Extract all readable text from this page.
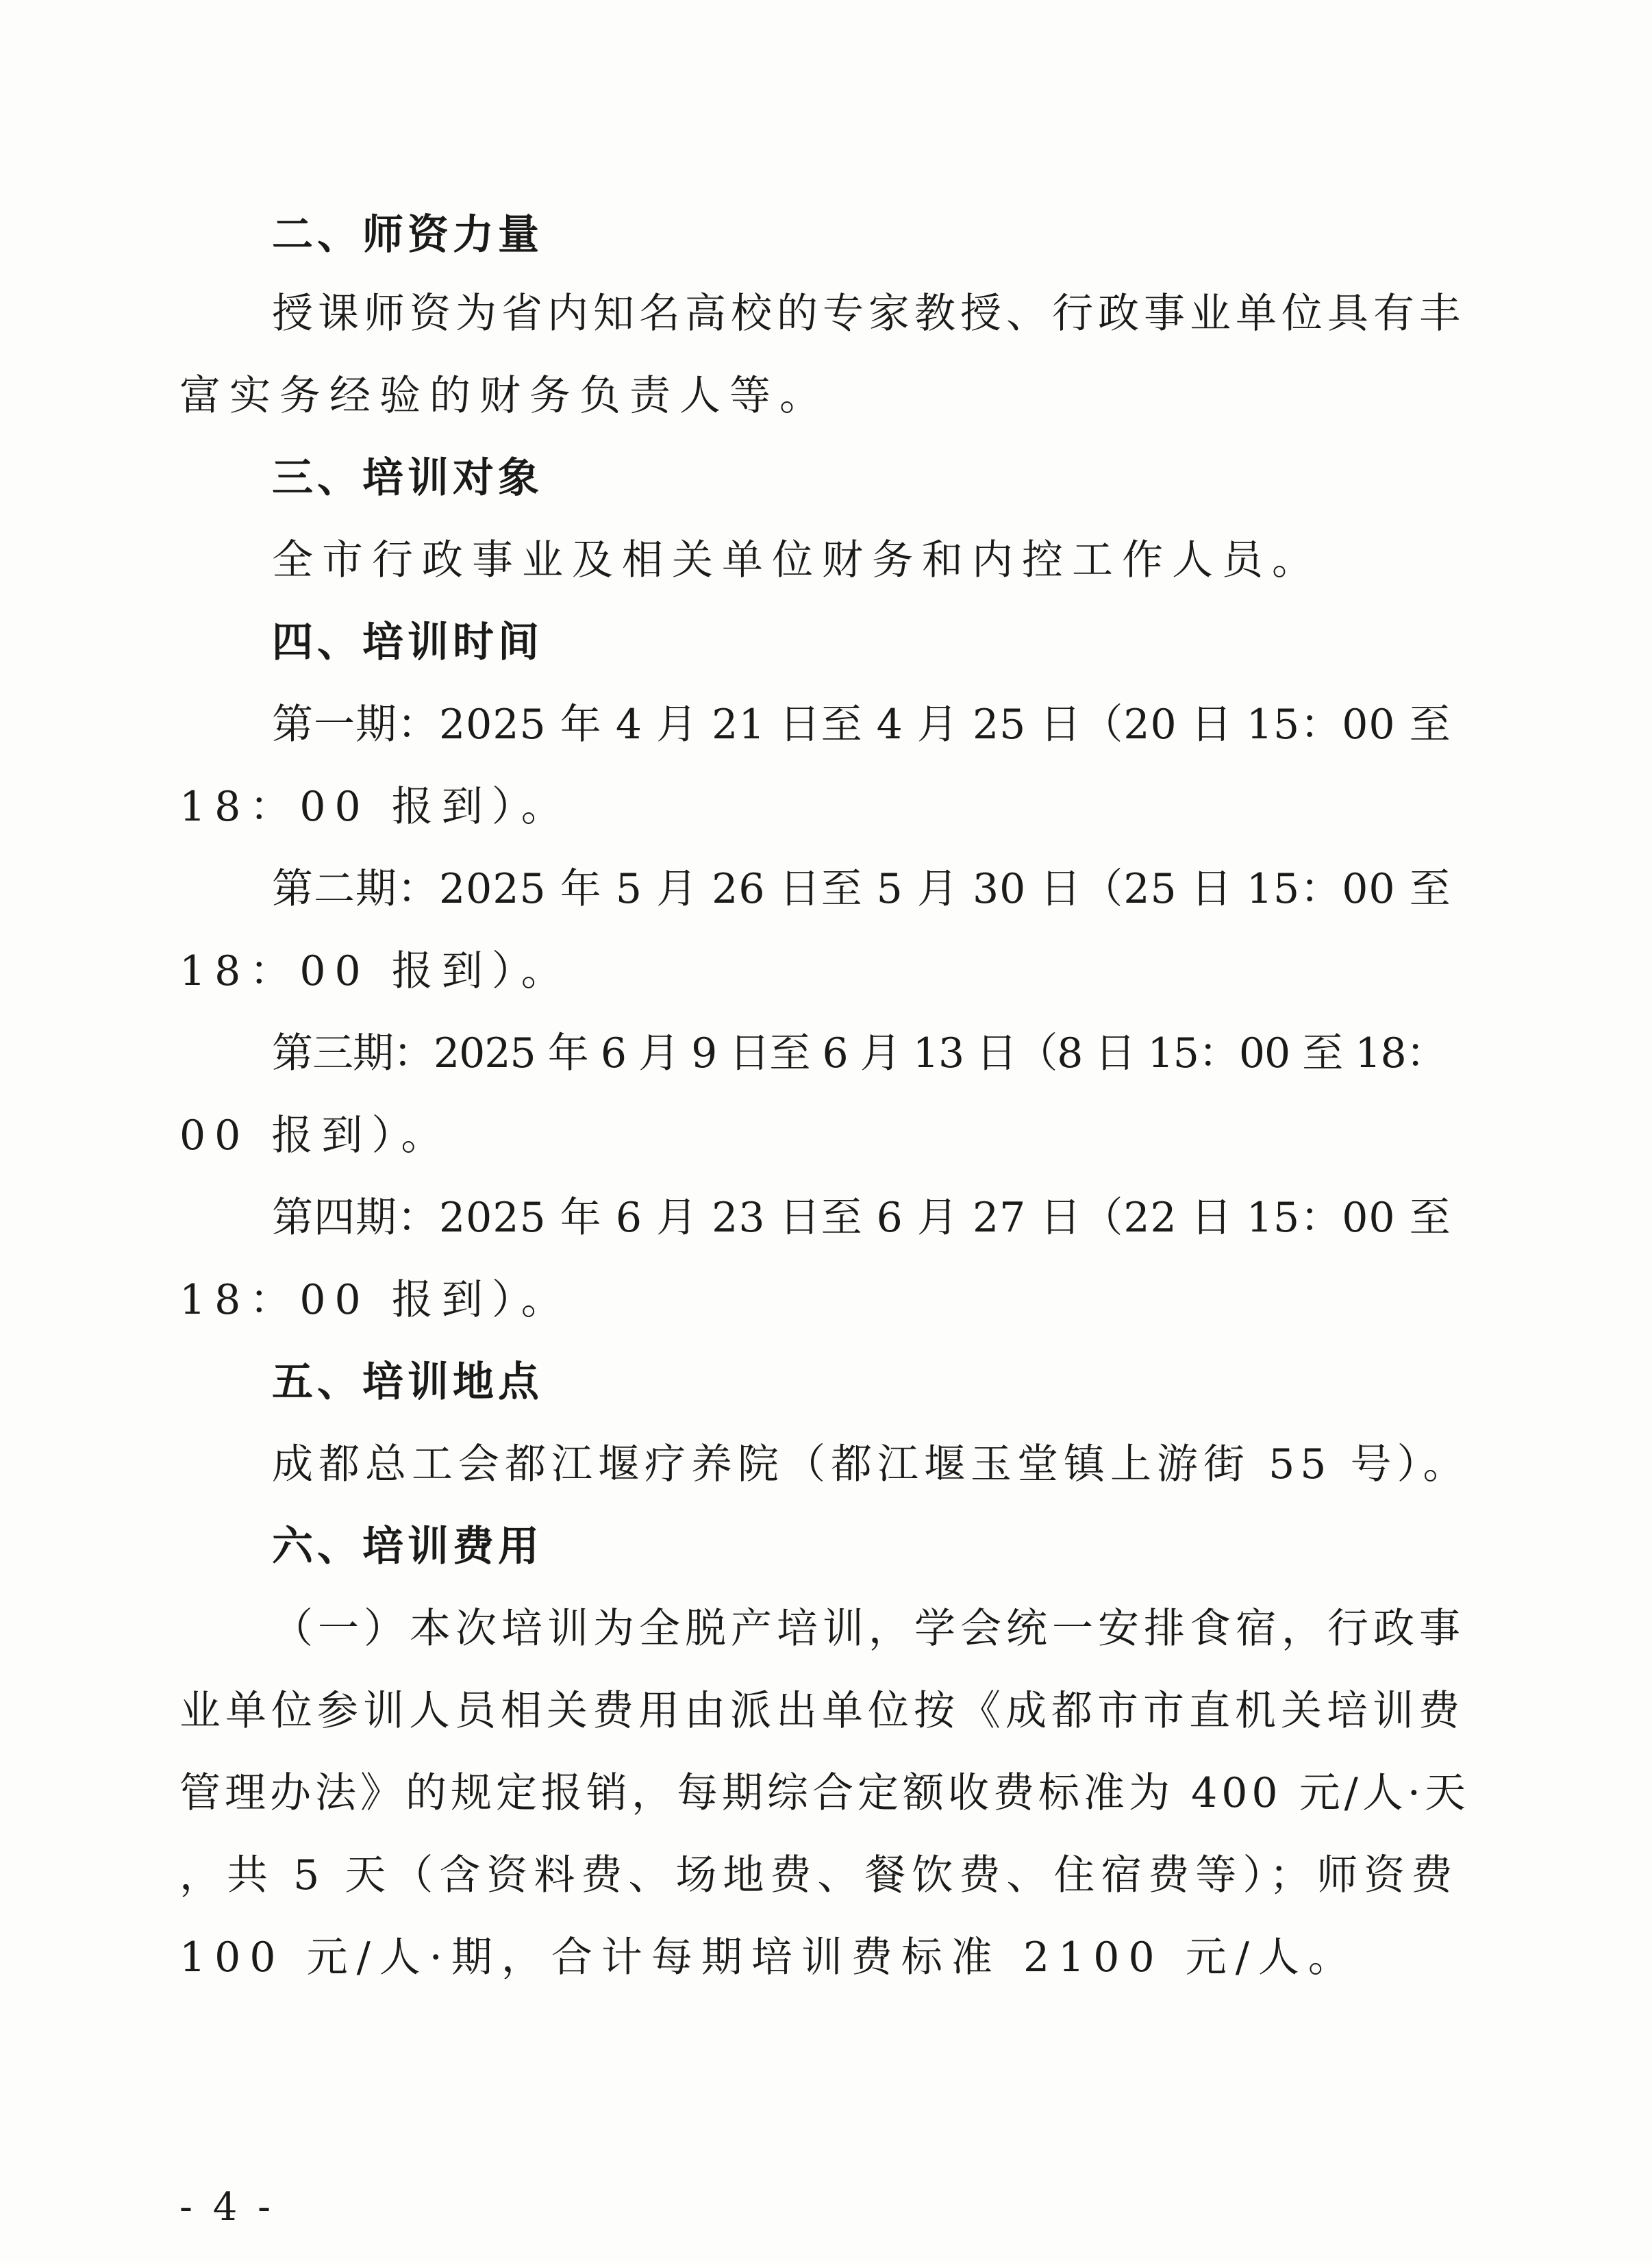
二、师资力量
授课师资为省内知名高校的专家教授、行政事业单位具有丰
富实务经验的财务负责人等。
三、培训对象
全市行政事业及相关单位财务和内控工作人员。
四、培训时间
第一期：2025 年 4 月 21 日至 4 月 25 日（20 日 15：00 至
18：00 报到）。
第二期：2025 年 5 月 26 日至 5 月 30 日（25 日 15：00 至
18：00 报到）。
第三期：2025 年 6 月 9 日至 6 月 13 日（8 日 15：00 至 18：
00 报到）。
第四期：2025 年 6 月 23 日至 6 月 27 日（22 日 15：00 至
18：00 报到）。
五、培训地点
成都总工会都江堰疗养院（都江堰玉堂镇上游街 55 号）。
六、培训费用
（一）本次培训为全脱产培训，学会统一安排食宿，行政事
业单位参训人员相关费用由派出单位按《成都市市直机关培训费
管理办法》的规定报销，每期综合定额收费标准为 400 元/人·天
，共 5 天（含资料费、场地费、餐饮费、住宿费等）；师资费
100 元/人·期，合计每期培训费标准 2100 元/人。
- 4 -
